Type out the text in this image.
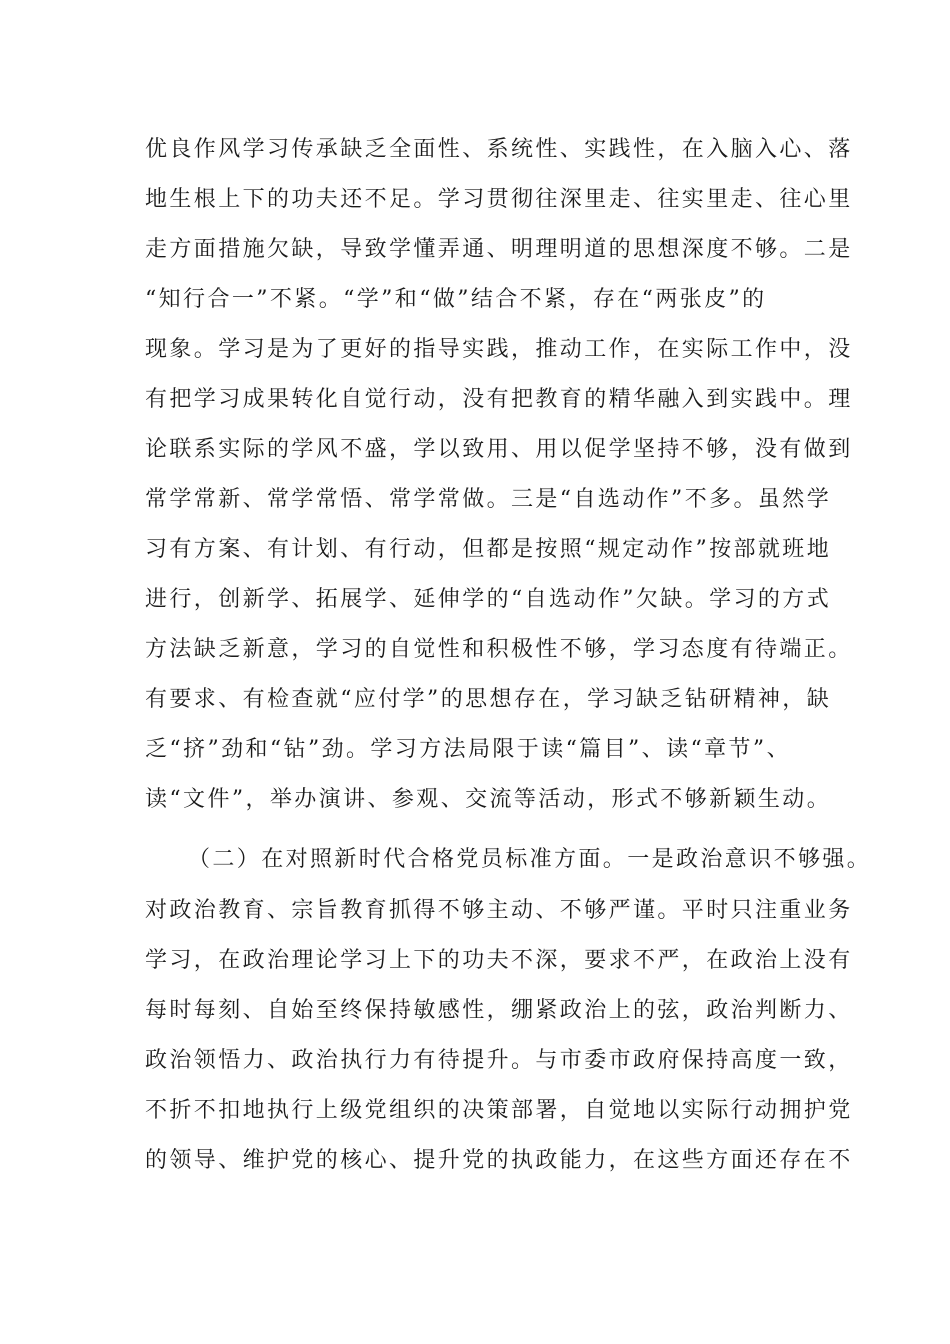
优良作风学习传承缺乏全面性、系统性、实践性，在入脑入心、落
地生根上下的功夫还不足。学习贯彻往深里走、往实里走、往心里
走方面措施欠缺，导致学懂弄通、明理明道的思想深度不够。二是
“知行合一”不紧。“学”和“做”结合不紧，存在“两张皮”的
现象。学习是为了更好的指导实践，推动工作，在实际工作中，没
有把学习成果转化自觉行动，没有把教育的精华融入到实践中。理
论联系实际的学风不盛，学以致用、用以促学坚持不够，没有做到
常学常新、常学常悟、常学常做。三是“自选动作”不多。虽然学
习有方案、有计划、有行动，但都是按照“规定动作”按部就班地
进行，创新学、拓展学、延伸学的“自选动作”欠缺。学习的方式
方法缺乏新意，学习的自觉性和积极性不够，学习态度有待端正。
有要求、有检查就“应付学”的思想存在，学习缺乏钻研精神，缺
乏“挤”劲和“钻”劲。学习方法局限于读“篇目”、读“章节”、
读“文件”，举办演讲、参观、交流等活动，形式不够新颖生动。
（二）在对照新时代合格党员标准方面。一是政治意识不够强。
对政治教育、宗旨教育抓得不够主动、不够严谨。平时只注重业务
学习，在政治理论学习上下的功夫不深，要求不严，在政治上没有
每时每刻、自始至终保持敏感性，绷紧政治上的弦，政治判断力、
政治领悟力、政治执行力有待提升。与市委市政府保持高度一致，
不折不扣地执行上级党组织的决策部署，自觉地以实际行动拥护党
的领导、维护党的核心、提升党的执政能力，在这些方面还存在不
